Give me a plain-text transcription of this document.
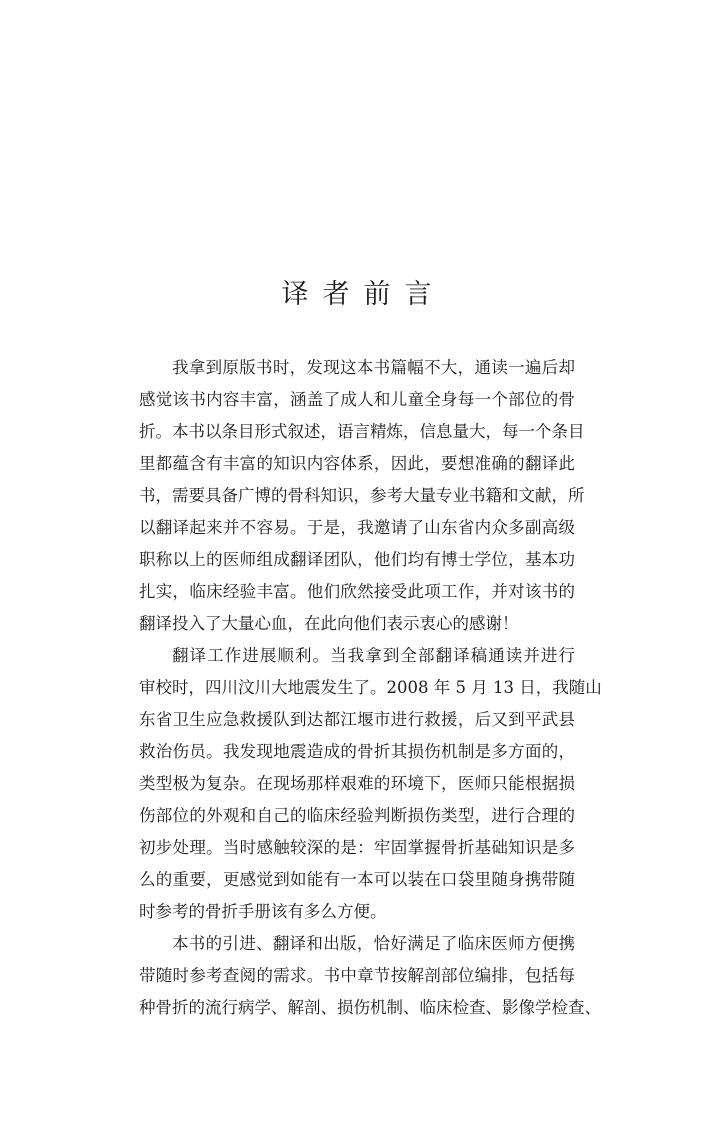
译者前言
我拿到原版书时，发现这本书篇幅不大，通读一遍后却
感觉该书内容丰富，涵盖了成人和儿童全身每一个部位的骨
折。本书以条目形式叙述，语言精炼，信息量大，每一个条目
里都蕴含有丰富的知识内容体系，因此，要想准确的翻译此
书，需要具备广博的骨科知识，参考大量专业书籍和文献，所
以翻译起来并不容易。于是，我邀请了山东省内众多副高级
职称以上的医师组成翻译团队，他们均有博士学位，基本功
扎实，临床经验丰富。他们欣然接受此项工作，并对该书的
翻译投入了大量心血，在此向他们表示衷心的感谢！
翻译工作进展顺利。当我拿到全部翻译稿通读并进行
审校时，四川汶川大地震发生了。2008 年 5 月 13 日，我随山
东省卫生应急救援队到达都江堰市进行救援，后又到平武县
救治伤员。我发现地震造成的骨折其损伤机制是多方面的，
类型极为复杂。在现场那样艰难的环境下，医师只能根据损
伤部位的外观和自己的临床经验判断损伤类型，进行合理的
初步处理。当时感触较深的是：牢固掌握骨折基础知识是多
么的重要，更感觉到如能有一本可以装在口袋里随身携带随
时参考的骨折手册该有多么方便。
本书的引进、翻译和出版，恰好满足了临床医师方便携
带随时参考查阅的需求。书中章节按解剖部位编排，包括每
种骨折的流行病学、解剖、损伤机制、临床检查、影像学检查、
